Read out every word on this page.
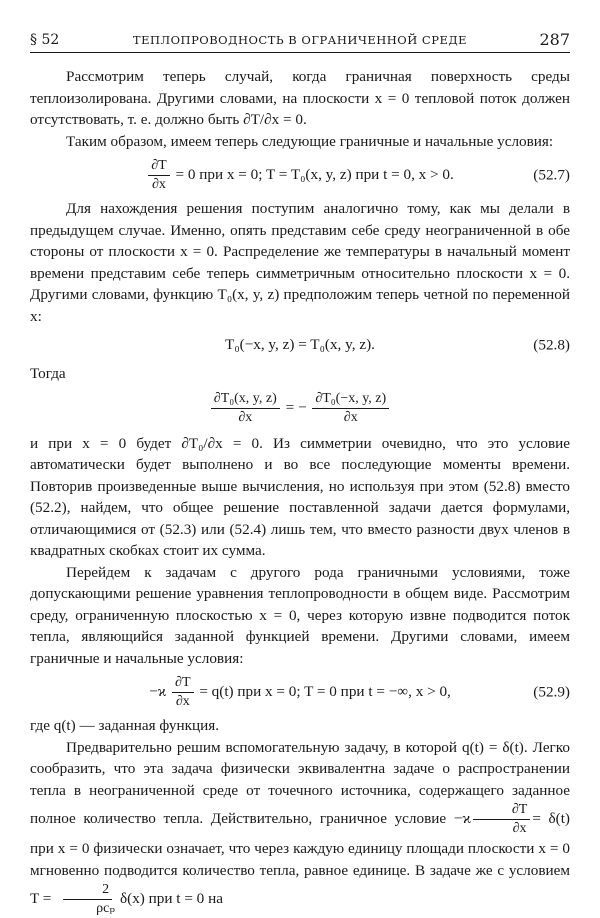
§ 52	ТЕПЛОПРОВОДНОСТЬ В ОГРАНИЧЕННОЙ СРЕДЕ	287

Рассмотрим теперь случай, когда граничная поверхность среды теплоизолирована. Другими словами, на плоскости x = 0 тепловой поток должен отсутствовать, т. е. должно быть ∂T/∂x = 0.

Таким образом, имеем теперь следующие граничные и начальные условия:

$\frac{\partial T}{\partial x} = 0$ при x = 0; T = T₀(x, y, z) при t = 0, x > 0.	(52.7)

Для нахождения решения поступим аналогично тому, как мы делали в предыдущем случае. Именно, опять представим себе среду неограниченной в обе стороны от плоскости x = 0. Распределение же температуры в начальный момент времени представим себе теперь симметричным относительно плоскости x = 0. Другими словами, функцию T₀(x, y, z) предположим теперь четной по переменной x:

T₀(−x, y, z) = T₀(x, y, z).	(52.8)

Тогда

$\frac{\text{∂T₀(x, y, z)}}{\partial x}$ = − $\frac{\text{∂T₀(−x, y, z)}}{\partial x}$

и при x = 0 будет ∂T₀/∂x = 0. Из симметрии очевидно, что это условие автоматически будет выполнено и во все последующие моменты времени. Повторив произведенные выше вычисления, но используя при этом (52.8) вместо (52.2), найдем, что общее решение поставленной задачи дается формулами, отличающимися от (52.3) или (52.4) лишь тем, что вместо разности двух членов в квадратных скобках стоит их сумма.

Перейдем к задачам с другого рода граничными условиями, тоже допускающими решение уравнения теплопроводности в общем виде. Рассмотрим среду, ограниченную плоскостью x = 0, через которую извне подводится поток тепла, являющийся заданной функцией времени. Другими словами, имеем граничные и начальные условия:

$-ϰ \frac{\partial T}{\partial x} = q(t)$ при x = 0; T = 0 при t = −∞, x > 0,	(52.9)

где q(t) — заданная функция.

Предварительно решим вспомогательную задачу, в которой q(t) = δ(t). Легко сообразить, что эта задача физически эквивалентна задаче о распространении тепла в неограниченной среде от точечного источника, содержащего заданное полное количество тепла. Действительно, граничное условие $-ϰ \frac{\partial T}{\partial x} = \delta(t)$ при x = 0 физически означает, что через каждую единицу площади плоскости x = 0 мгновенно подводится количество тепла, равное единице. В задаче же с условием $T = \frac{2}{\text{ρcₚ}} \delta(x)$ при t = 0 на
